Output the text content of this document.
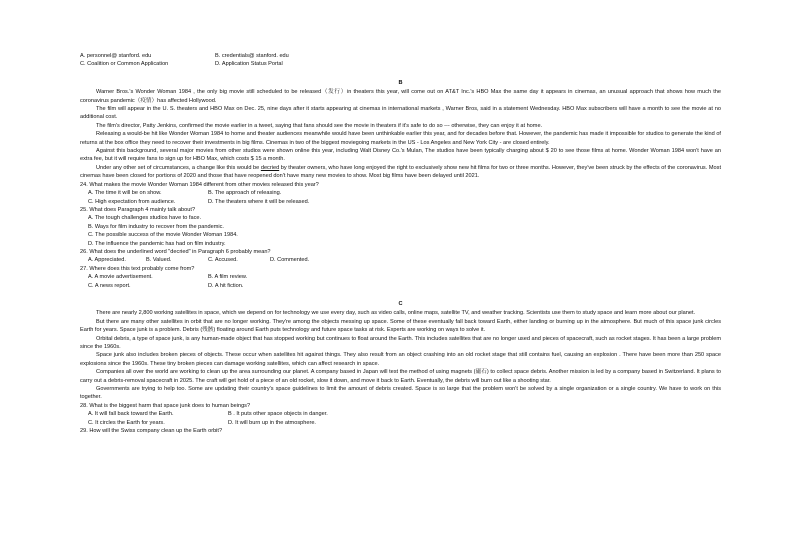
A. personnel@ stanford. edu	B. credentials@ stanford. edu
C. Coalition or Common Application	D. Application Status Portal
B

Warner Bros.'s Wonder Woman 1984 , the only big movie still scheduled to be released（发行）in theaters this year, will come out on AT&T Inc.'s HBO Max the same day it appears in cinemas, an unusual approach that shows how much the coronavirus pandemic（疫情）has affected Hollywood.

The film will appear in the U. S. theaters and HBO Max on Dec. 25, nine days after it starts appearing at cinemas in international markets , Warner Bros, said in a statement Wednesday. HBO Max subscribers will have a month to see the movie at no additional cost.

The film's director, Patty Jenkins, confirmed the movie earlier in a tweet, saying that fans should see the movie in theaters if it's safe to do so --- otherwise, they can enjoy it at home.

Releasing a would-be hit like Wonder Woman 1984 to home and theater audiences meanwhile would have been unthinkable earlier this year, and for decades before that. However, the pandemic has made it impossible for studios to generate the kind of returns at the box office they need to recover their investments in big films. Cinemas in two of the biggest moviegoing markets in the US - Los Angeles and New York City - are closed entirely.

Against this background, several major movies from other studios were shown online this year, including Walt Disney Co.'s Mulan, The studios have been typically charging about $ 20 to see those films at home. Wonder Woman 1984 won't have an extra fee, but it will require fans to sign up for HBO Max, which costs $ 15 a month.

Under any other set of circumstances, a change like this would be decried by theater owners, who have long enjoyed the right to exclusively show new hit films for two or three months. However, they've been struck by the effects of the coronavirus. Most cinemas have been closed for portions of 2020 and those that have reopened don't have many new movies to show. Most big films have been delayed until 2021.

24. What makes the movie Wonder Woman 1984 different from other movies released this year?
A. The time it will be on show.	B. The approach of releasing.
C. High expectation from audience.	D. The theaters where it will be released.
25. What does Paragraph 4 mainly talk about?
A. The tough challenges studios have to face.
B. Ways for film industry to recover from the pandemic.
C. The possible success of the movie Wonder Woman 1984.
D. The influence the pandemic has had on film industry.
26. What does the underlined word "decried" in Paragraph 6 probably mean?
A. Appreciated.	B. Valued.	C. Accused.	D. Commented.
27. Where does this text probably come from?
A. A movie advertisement.	B. A film review.
C. A news report.	D. A hit fiction.
C

There are nearly 2,800 working satellites in space, which we depend on for technology we use every day, such as video calls, online maps, satellite TV, and weather tracking. Scientists use them to study space and learn more about our planet.

But there are many other satellites in orbit that are no longer working. They're among the objects messing up space. Some of these eventually fall back toward Earth, either landing or burning up in the atmosphere. But much of this space junk circles Earth for years. Space junk is a problem. Debris (残骸) floating around Earth puts technology and future space tasks at risk. Experts are working on ways to solve it.

Orbital debris, a type of space junk, is any human-made object that has stopped working but continues to float around the Earth. This includes satellites that are no longer used and pieces of spacecraft, such as rocket stages. It has been a large problem since the 1960s.

Space junk also includes broken pieces of objects. These occur when satellites hit against things. They also result from an object crashing into an old rocket stage that still contains fuel, causing an explosion . There have been more than 250 space explosions since the 1960s. These tiny broken pieces can damage working satellites, which can affect research in space.

Companies all over the world are working to clean up the area surrounding our planet. A company based in Japan will test the method of using magnets (磁石) to collect space debris. Another mission is led by a company based in Switzerland. It plans to carry out a debris-removal spacecraft in 2025. The craft will get hold of a piece of an old rocket, slow it down, and move it back to Earth. Eventually, the debris will burn out like a shooting star.

Governments are trying to help too. Some are updating their country's space guidelines to limit the amount of debris created. Space is so large that the problem won't be solved by a single organization or a single country. We have to work on this together.

28. What is the biggest harm that space junk does to human beings?
A. It will fall back toward the Earth.	B . It puts other space objects in danger.
C. It circles the Earth for years.	D. It will burn up in the atmosphere.
29. How will the Swiss company clean up the Earth orbit?
